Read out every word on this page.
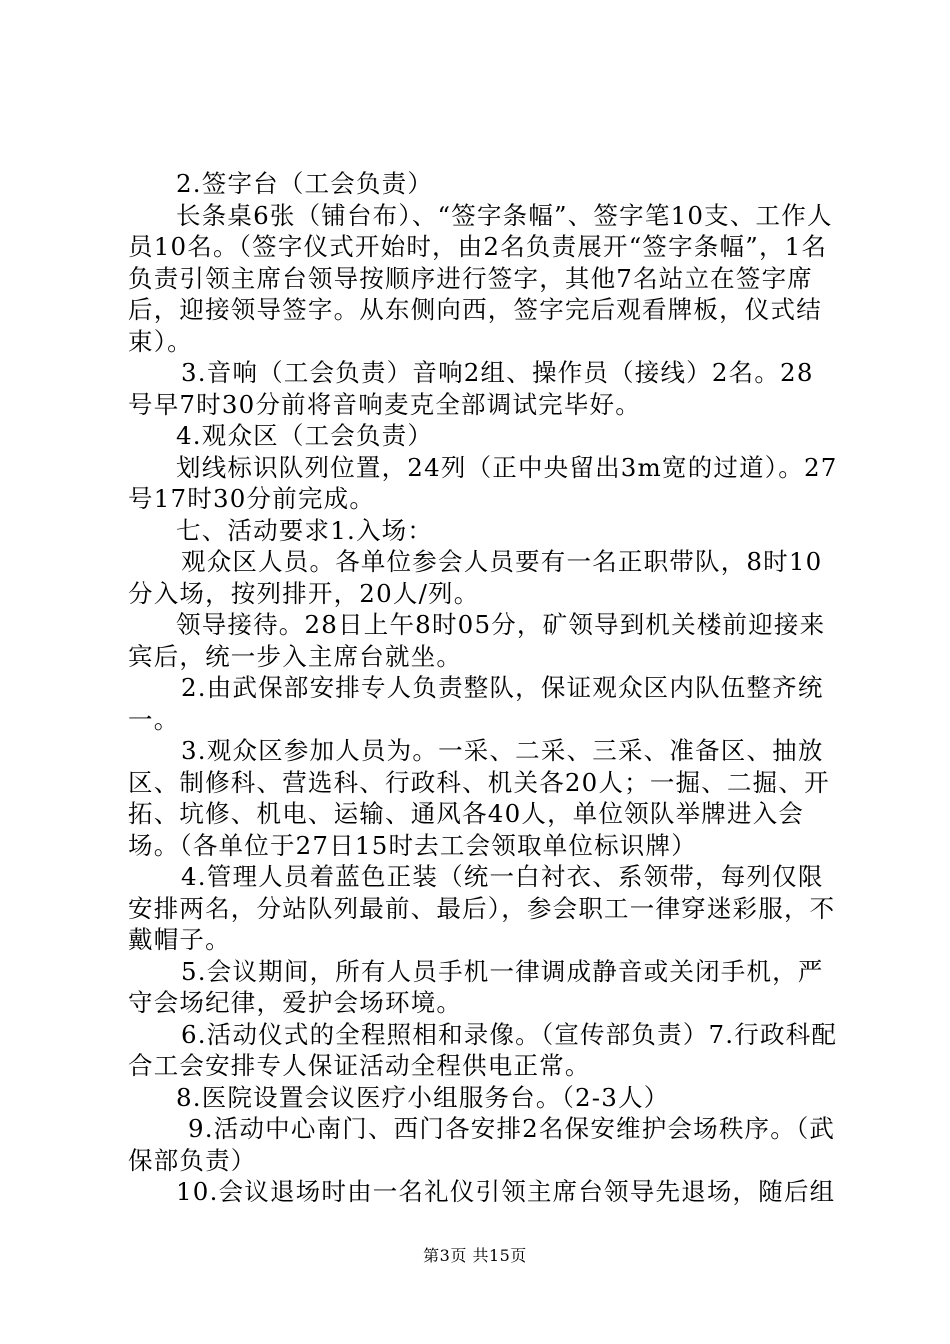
2.签字台（工会负责）

长条桌6张（铺台布）、“签字条幅”、签字笔10支、工作人员10名。（签字仪式开始时，由2名负责展开“签字条幅”，1名负责引领主席台领导按顺序进行签字，其他7名站立在签字席后，迎接领导签字。从东侧向西，签字完后观看牌板，仪式结束）。

3.音响（工会负责）音响2组、操作员（接线）2名。28号早7时30分前将音响麦克全部调试完毕好。

4.观众区（工会负责）

划线标识队列位置，24列（正中央留出3m宽的过道）。27号17时30分前完成。

七、活动要求1.入场：

观众区人员。各单位参会人员要有一名正职带队，8时10分入场，按列排开，20人/列。

领导接待。28日上午8时05分，矿领导到机关楼前迎接来宾后，统一步入主席台就坐。

2.由武保部安排专人负责整队，保证观众区内队伍整齐统一。

3.观众区参加人员为。一采、二采、三采、准备区、抽放区、制修科、营选科、行政科、机关各20人；一掘、二掘、开拓、坑修、机电、运输、通风各40人，单位领队举牌进入会场。（各单位于27日15时去工会领取单位标识牌）

4.管理人员着蓝色正装（统一白衬衣、系领带，每列仅限安排两名，分站队列最前、最后），参会职工一律穿迷彩服，不戴帽子。

5.会议期间，所有人员手机一律调成静音或关闭手机，严守会场纪律，爱护会场环境。

6.活动仪式的全程照相和录像。（宣传部负责）7.行政科配合工会安排专人保证活动全程供电正常。

8.医院设置会议医疗小组服务台。（2-3人）

9.活动中心南门、西门各安排2名保安维护会场秩序。（武保部负责）

10.会议退场时由一名礼仪引领主席台领导先退场，随后组

第3页 共15页
